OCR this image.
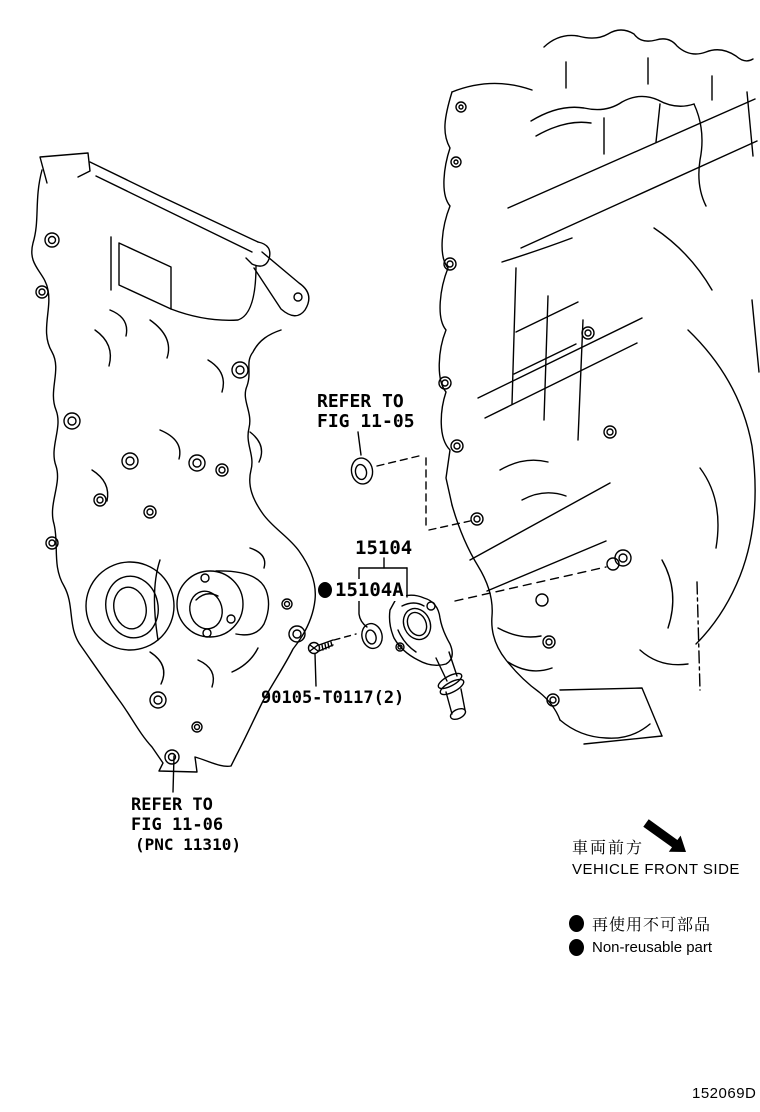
REFER TO
FIG 11-05
15104
15104A
90105-T0117(2)
REFER TO
FIG 11-06
(PNC 11310)	車両前方
VEHICLE FRONT SIDE
再使用不可部品
Non-reusable part
152069D
